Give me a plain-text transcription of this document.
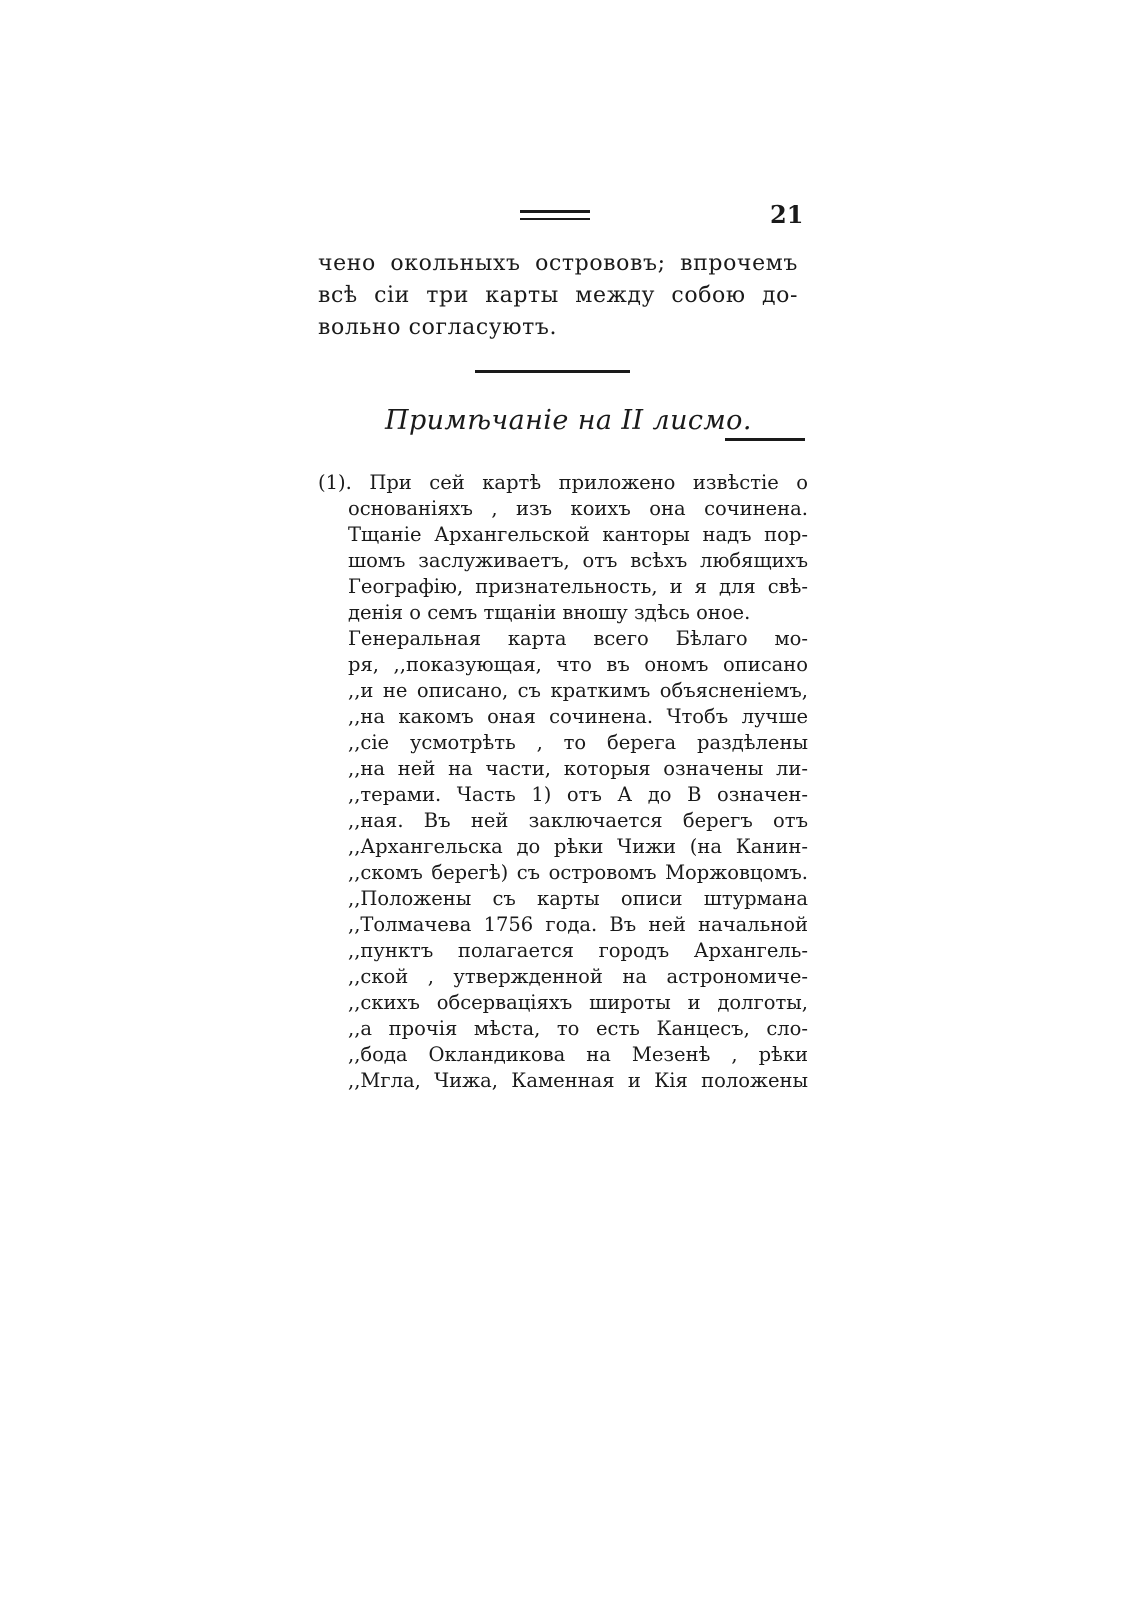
21
чено окольныхъ острововъ; впрочемъ
всѣ сіи три карты между собою до-
вольно согласуютъ.
Примѣчаніе на II лисмо.
(1). При сей картѣ приложено извѣстіе о
основаніяхъ , изъ коихъ она сочинена.
Тщаніе Архангельской канторы надъ пор-
шомъ заслуживаетъ, отъ всѣхъ любящихъ
Географію, признательность, и я для свѣ-
денія о семъ тщаніи вношу здѣсь оное.
Генеральная карта всего Бѣлаго мо-
ря, ,,показующая, что въ ономъ описано
,,и не описано, съ краткимъ объясненіемъ,
,,на какомъ оная сочинена. Чтобъ лучше
,,сіе усмотрѣть , то берега раздѣлены
,,на ней на части, которыя означены ли-
,,терами. Часть 1) отъ А до В означен-
,,ная. Въ ней заключается берегъ отъ
,,Архангельска до рѣки Чижи (на Канин-
,,скомъ берегѣ) съ островомъ Моржовцомъ.
,,Положены съ карты описи штурмана
,,Толмачева 1756 года. Въ ней начальной
,,пунктъ полагается городъ Архангель-
,,ской , утвержденной на астрономиче-
,,скихъ обсерваціяхъ широты и долготы,
,,а прочія мѣста, то есть Канцесъ, сло-
,,бода Окландикова на Мезенѣ , рѣки
,,Мгла, Чижа, Каменная и Кія положены
